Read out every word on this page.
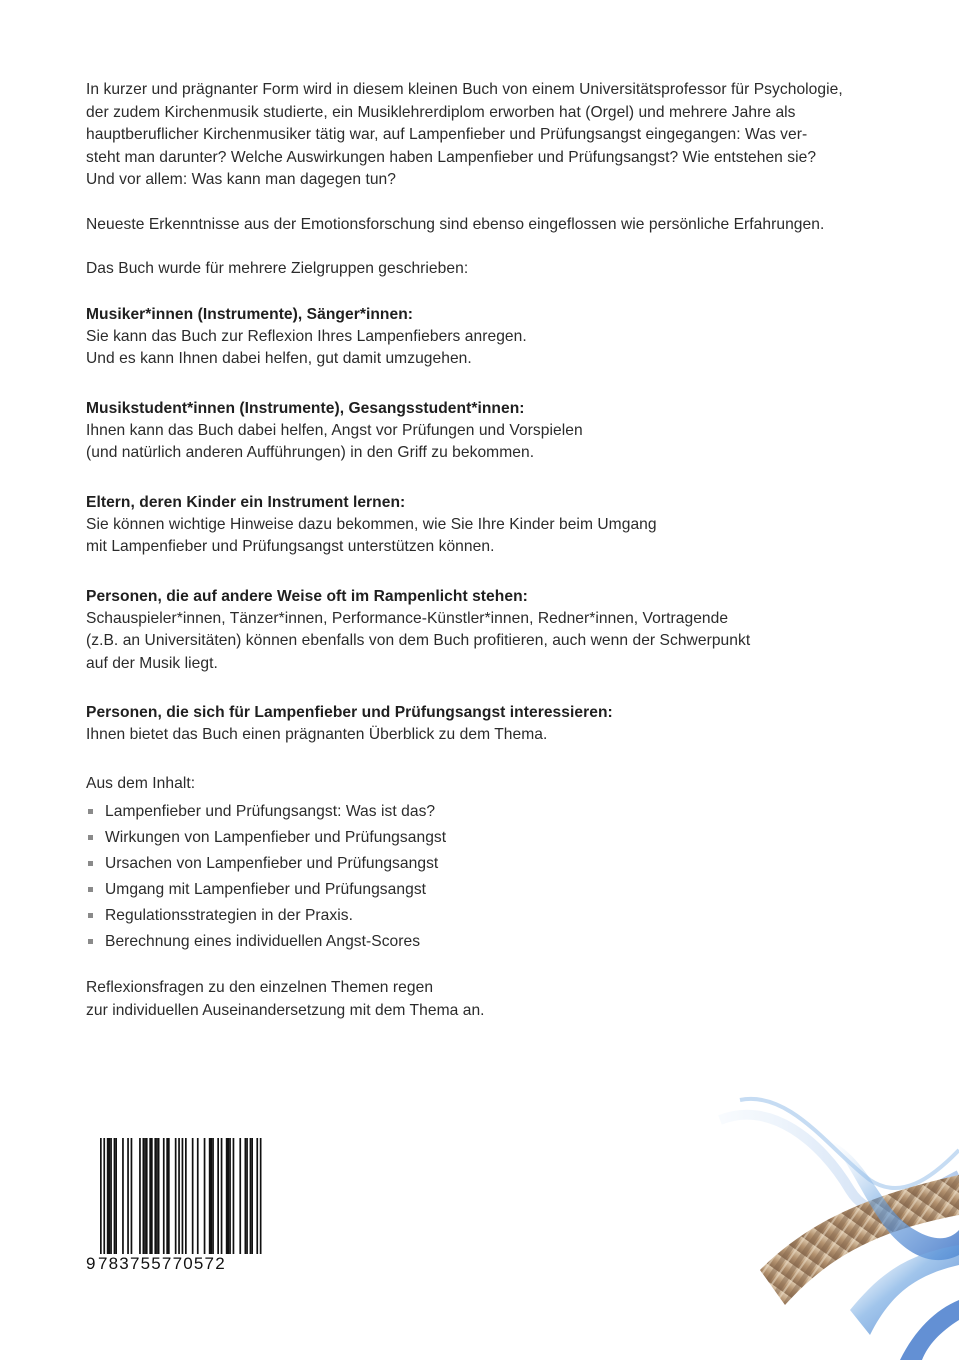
In kurzer und prägnanter Form wird in diesem kleinen Buch von einem Universitätsprofessor für Psychologie,
der zudem Kirchenmusik studierte, ein Musiklehrerdiplom erworben hat (Orgel) und mehrere Jahre als
hauptberuflicher Kirchenmusiker tätig war, auf Lampenfieber und Prüfungsangst eingegangen: Was ver-
steht man darunter? Welche Auswirkungen haben Lampenfieber und Prüfungsangst? Wie entstehen sie?
Und vor allem: Was kann man dagegen tun?

Neueste Erkenntnisse aus der Emotionsforschung sind ebenso eingeflossen wie persönliche Erfahrungen.

Das Buch wurde für mehrere Zielgruppen geschrieben:

Musiker*innen (Instrumente), Sänger*innen:

Sie kann das Buch zur Reflexion Ihres Lampenfiebers anregen.
Und es kann Ihnen dabei helfen, gut damit umzugehen.

Musikstudent*innen (Instrumente), Gesangsstudent*innen:

Ihnen kann das Buch dabei helfen, Angst vor Prüfungen und Vorspielen
(und natürlich anderen Aufführungen) in den Griff zu bekommen.

Eltern, deren Kinder ein Instrument lernen:

Sie können wichtige Hinweise dazu bekommen, wie Sie Ihre Kinder beim Umgang
mit Lampenfieber und Prüfungsangst unterstützen können.

Personen, die auf andere Weise oft im Rampenlicht stehen:

Schauspieler*innen, Tänzer*innen, Performance-Künstler*innen, Redner*innen, Vortragende
(z.B. an Universitäten) können ebenfalls von dem Buch profitieren, auch wenn der Schwerpunkt
auf der Musik liegt.

Personen, die sich für Lampenfieber und Prüfungsangst interessieren:

Ihnen bietet das Buch einen prägnanten Überblick zu dem Thema.

Aus dem Inhalt:

Lampenfieber und Prüfungsangst: Was ist das?
Wirkungen von Lampenfieber und Prüfungsangst
Ursachen von Lampenfieber und Prüfungsangst
Umgang mit Lampenfieber und Prüfungsangst
Regulationsstrategien in der Praxis.
Berechnung eines individuellen Angst-Scores

Reflexionsfragen zu den einzelnen Themen regen
zur individuellen Auseinandersetzung mit dem Thema an.

9783755770572
